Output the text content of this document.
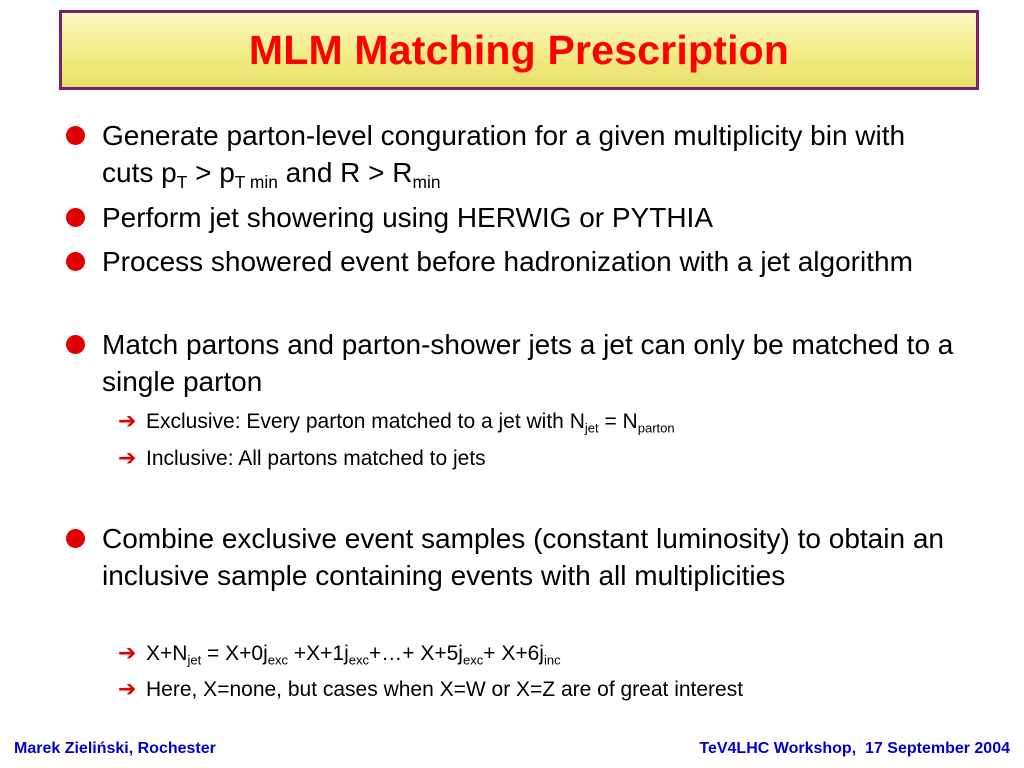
MLM Matching Prescription
Generate parton-level conguration for a given multiplicity bin with cuts $p_T > p_{T min}$ and $R > R_{min}$
Perform jet showering using HERWIG or PYTHIA
Process showered event before hadronization with a jet algorithm
Match partons and parton-shower jets a jet can only be matched to a single parton
➔ Exclusive: Every parton matched to a jet with $N_{jet} = N_{parton}$
➔ Inclusive: All partons matched to jets
Combine exclusive event samples (constant luminosity) to obtain an inclusive sample containing events with all multiplicities
➔ $X+N_{jet} = X+0j_{exc}$ $+X+1j_{exc}+\dots+ X+5j_{exc}+ X+6j_{inc}$
➔ Here, X=none, but cases when X=W or X=Z are of great interest
Marek Zieliński, Rochester	TeV4LHC Workshop,  17 September 2004
